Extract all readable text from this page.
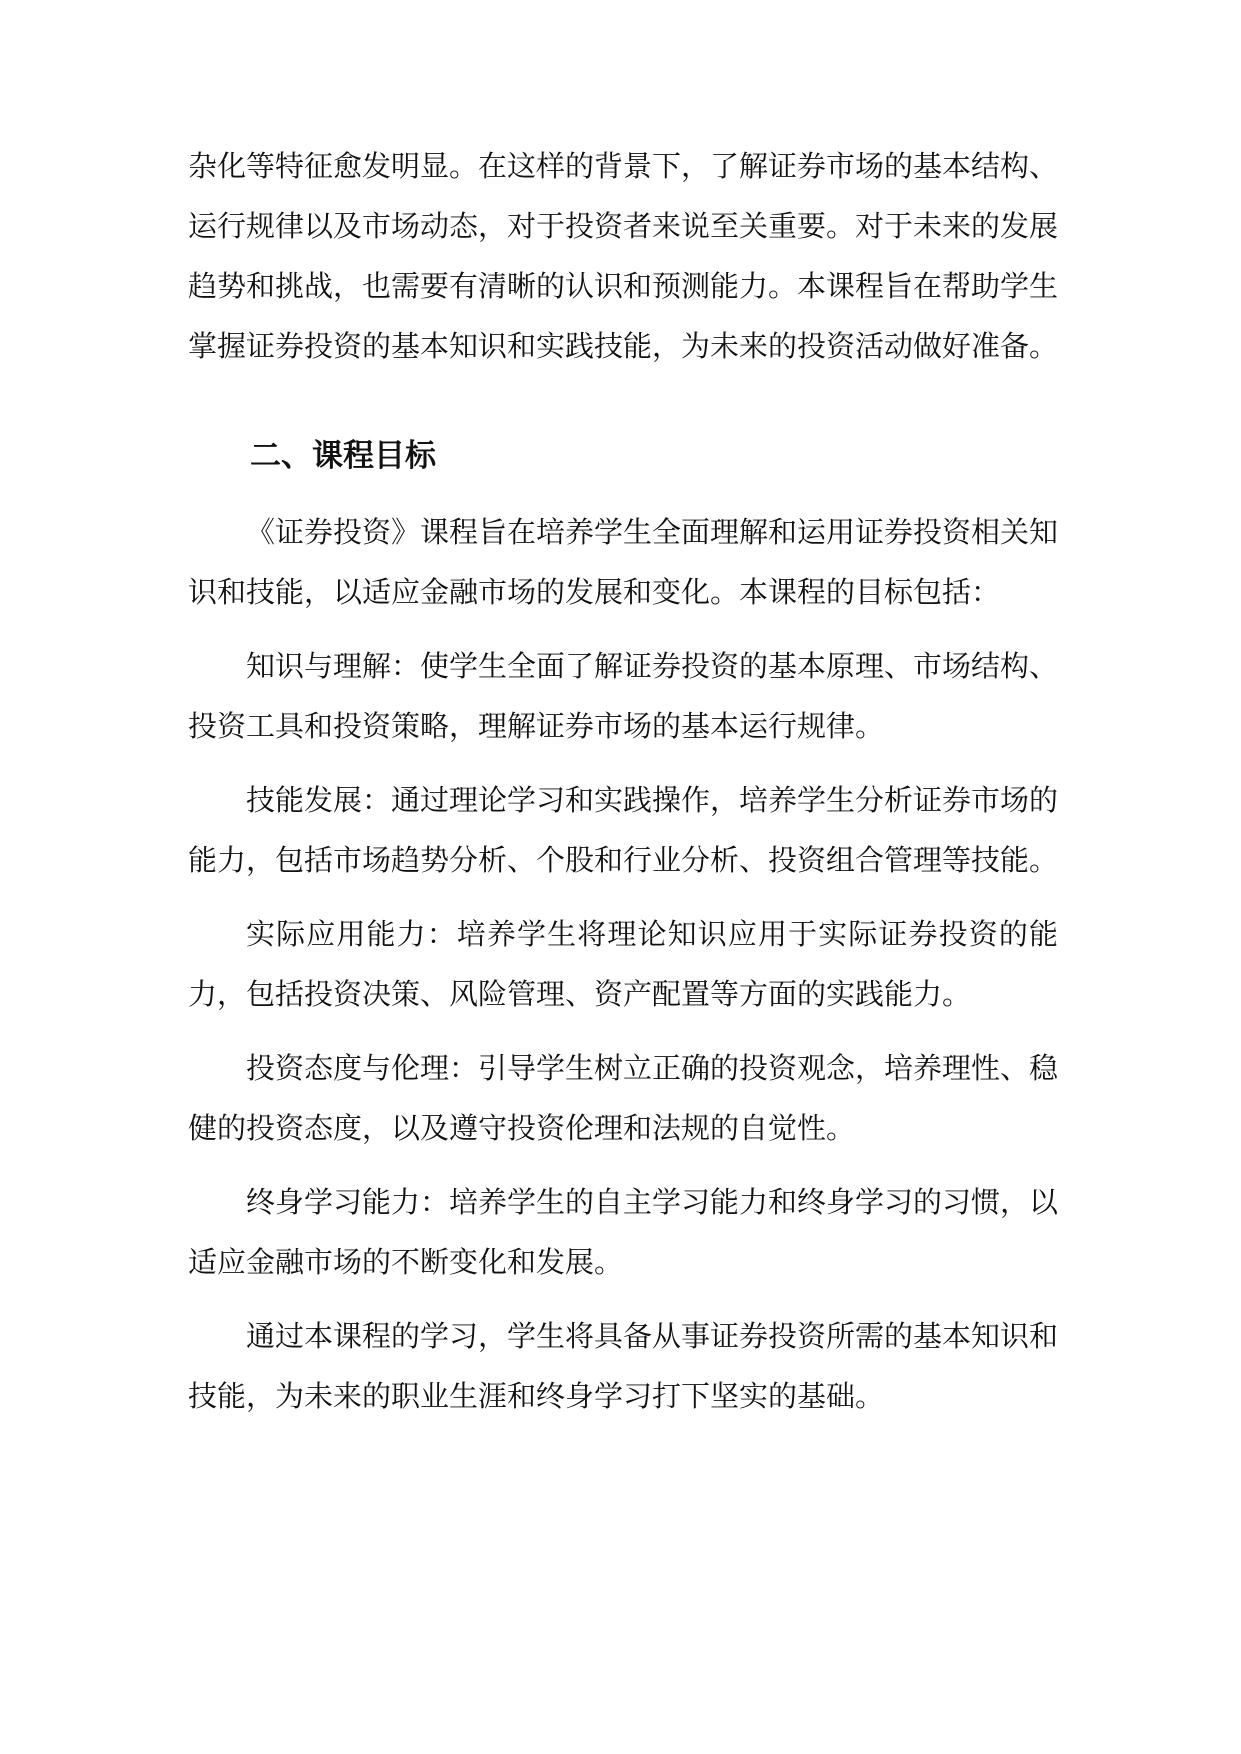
杂化等特征愈发明显。在这样的背景下，了解证券市场的基本结构、运行规律以及市场动态，对于投资者来说至关重要。对于未来的发展趋势和挑战，也需要有清晰的认识和预测能力。本课程旨在帮助学生掌握证券投资的基本知识和实践技能，为未来的投资活动做好准备。

二、课程目标

《证券投资》课程旨在培养学生全面理解和运用证券投资相关知识和技能，以适应金融市场的发展和变化。本课程的目标包括：

知识与理解：使学生全面了解证券投资的基本原理、市场结构、投资工具和投资策略，理解证券市场的基本运行规律。

技能发展：通过理论学习和实践操作，培养学生分析证券市场的能力，包括市场趋势分析、个股和行业分析、投资组合管理等技能。

实际应用能力：培养学生将理论知识应用于实际证券投资的能力，包括投资决策、风险管理、资产配置等方面的实践能力。

投资态度与伦理：引导学生树立正确的投资观念，培养理性、稳健的投资态度，以及遵守投资伦理和法规的自觉性。

终身学习能力：培养学生的自主学习能力和终身学习的习惯，以适应金融市场的不断变化和发展。

通过本课程的学习，学生将具备从事证券投资所需的基本知识和技能，为未来的职业生涯和终身学习打下坚实的基础。
